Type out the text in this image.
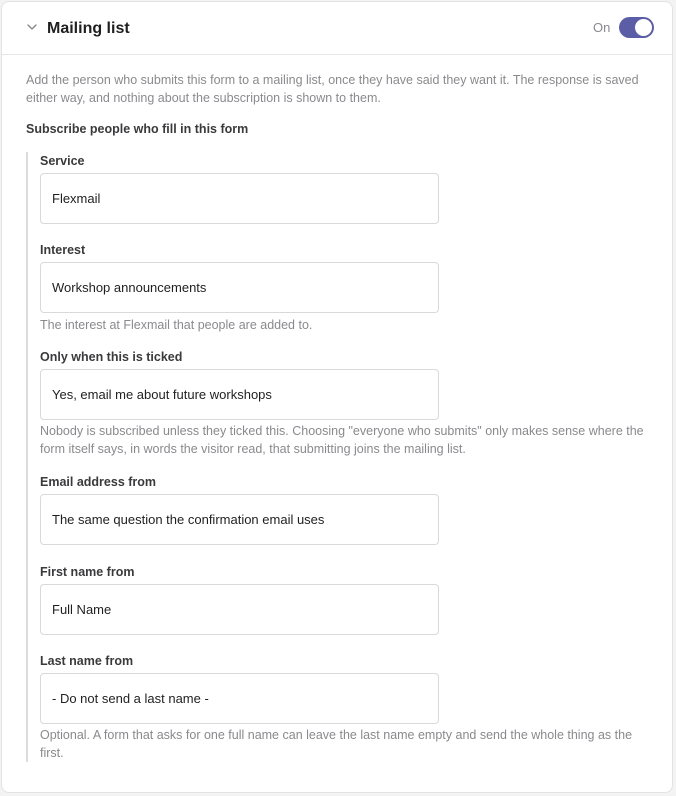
Mailing list	On
Add the person who submits this form to a mailing list, once they have said they want it. The response is saved either way, and nothing about the subscription is shown to them.
Subscribe people who fill in this form
Service
Flexmail
Interest
Workshop announcements
The interest at Flexmail that people are added to.
Only when this is ticked
Yes, email me about future workshops
Nobody is subscribed unless they ticked this. Choosing "everyone who submits" only makes sense where the form itself says, in words the visitor read, that submitting joins the mailing list.
Email address from
The same question the confirmation email uses
First name from
Full Name
Last name from
- Do not send a last name -
Optional. A form that asks for one full name can leave the last name empty and send the whole thing as the first.
